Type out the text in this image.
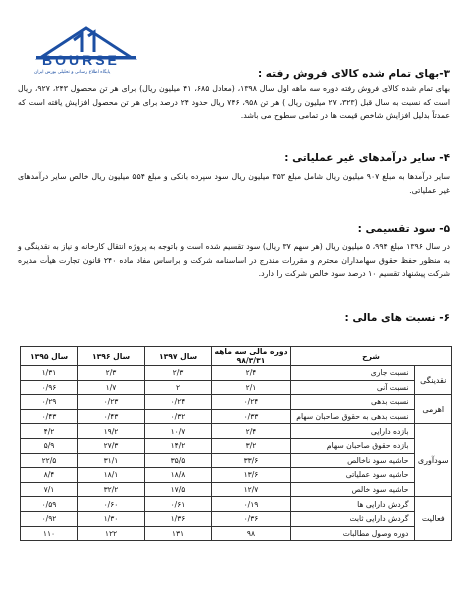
BOURSE
پایگاه اطلاع رسانی و تحلیلی بورس ایران	۳-بهای تمام شده کالای فروش رفته :

بهای تمام شده کالای فروش رفته دوره سه ماهه اول سال ۱۳۹۸، (معادل ۶۸۵، ۴۱ میلیون ریال) برای هر تن محصول ۲۴۳، ۹۲۷، ریال است که نسبت به سال قبل (۳۲۳، ۲۷ میلیون ریال ) هر تن ۹۵۸، ۷۴۶ ریال حدود ۲۴ درصد برای هر تن محصول افزایش یافته است که عمدتاً بدلیل افزایش شاخص قیمت ها در تمامی سطوح می باشد.

۴- سایر درآمدهای غیر عملیاتی :

سایر درآمدها به مبلغ ۹۰۷ میلیون ریال شامل مبلغ ۳۵۳ میلیون ریال سود سپرده بانکی و مبلغ ۵۵۴ میلیون ریال خالص سایر درآمدهای غیر عملیاتی.

۵- سود تقسیمی :

در سال ۱۳۹۶ مبلغ ۹۹۴، ۵ میلیون ریال (هر سهم ۳۷ ریال) سود تقسیم شده است و باتوجه به پروژه انتقال کارخانه و نیاز به نقدینگی و به منظور حفظ حقوق سهامداران محترم و مقررات مندرج در اساسنامه شرکت و براساس مفاد ماده ۲۴۰ قانون تجارت هیأت مدیره شرکت پیشنهاد تقسیم ۱۰ درصد سود خالص شرکت را دارد.

۶- نسبت های مالی :

شرح		دوره مالی سه ماهه ۹۸/۳/۳۱	سال ۱۳۹۷	سال ۱۳۹۶	سال ۱۳۹۵
نقدینگی	نسبت جاری	۲/۴	۲/۳	۲/۳	۱/۳۱
	نسبت آنی	۲/۱	۲	۱/۷	۰/۹۶
اهرمی	نسبت بدهی	۰/۲۴	۰/۲۴	۰/۲۳	۰/۲۹
	نسبت بدهی به حقوق صاحبان سهام	۰/۳۳	۰/۳۲	۰/۴۳	۰/۴۳
سودآوری	بازده دارایی	۲/۴	۱۰/۷	۱۹/۲	۴/۲
	بازده حقوق صاحبان سهام	۳/۲	۱۴/۲	۲۷/۳	۵/۹
	حاشیه سود ناخالص	۳۳/۶	۳۵/۵	۳۱/۱	۲۲/۵
	حاشیه سود عملیاتی	۱۳/۶	۱۸/۸	۱۸/۱	۸/۴
	حاشیه سود خالص	۱۲/۷	۱۷/۵	۳۲/۲	۷/۱
فعالیت	گردش دارایی ها	۰/۱۹	۰/۶۱	۰/۶۰	۰/۵۹
	گردش دارایی ثابت	۰/۳۶	۱/۳۶	۱/۳۰	۰/۹۲
	دوره وصول مطالبات	۹۸	۱۳۱	۱۲۲	۱۱۰
